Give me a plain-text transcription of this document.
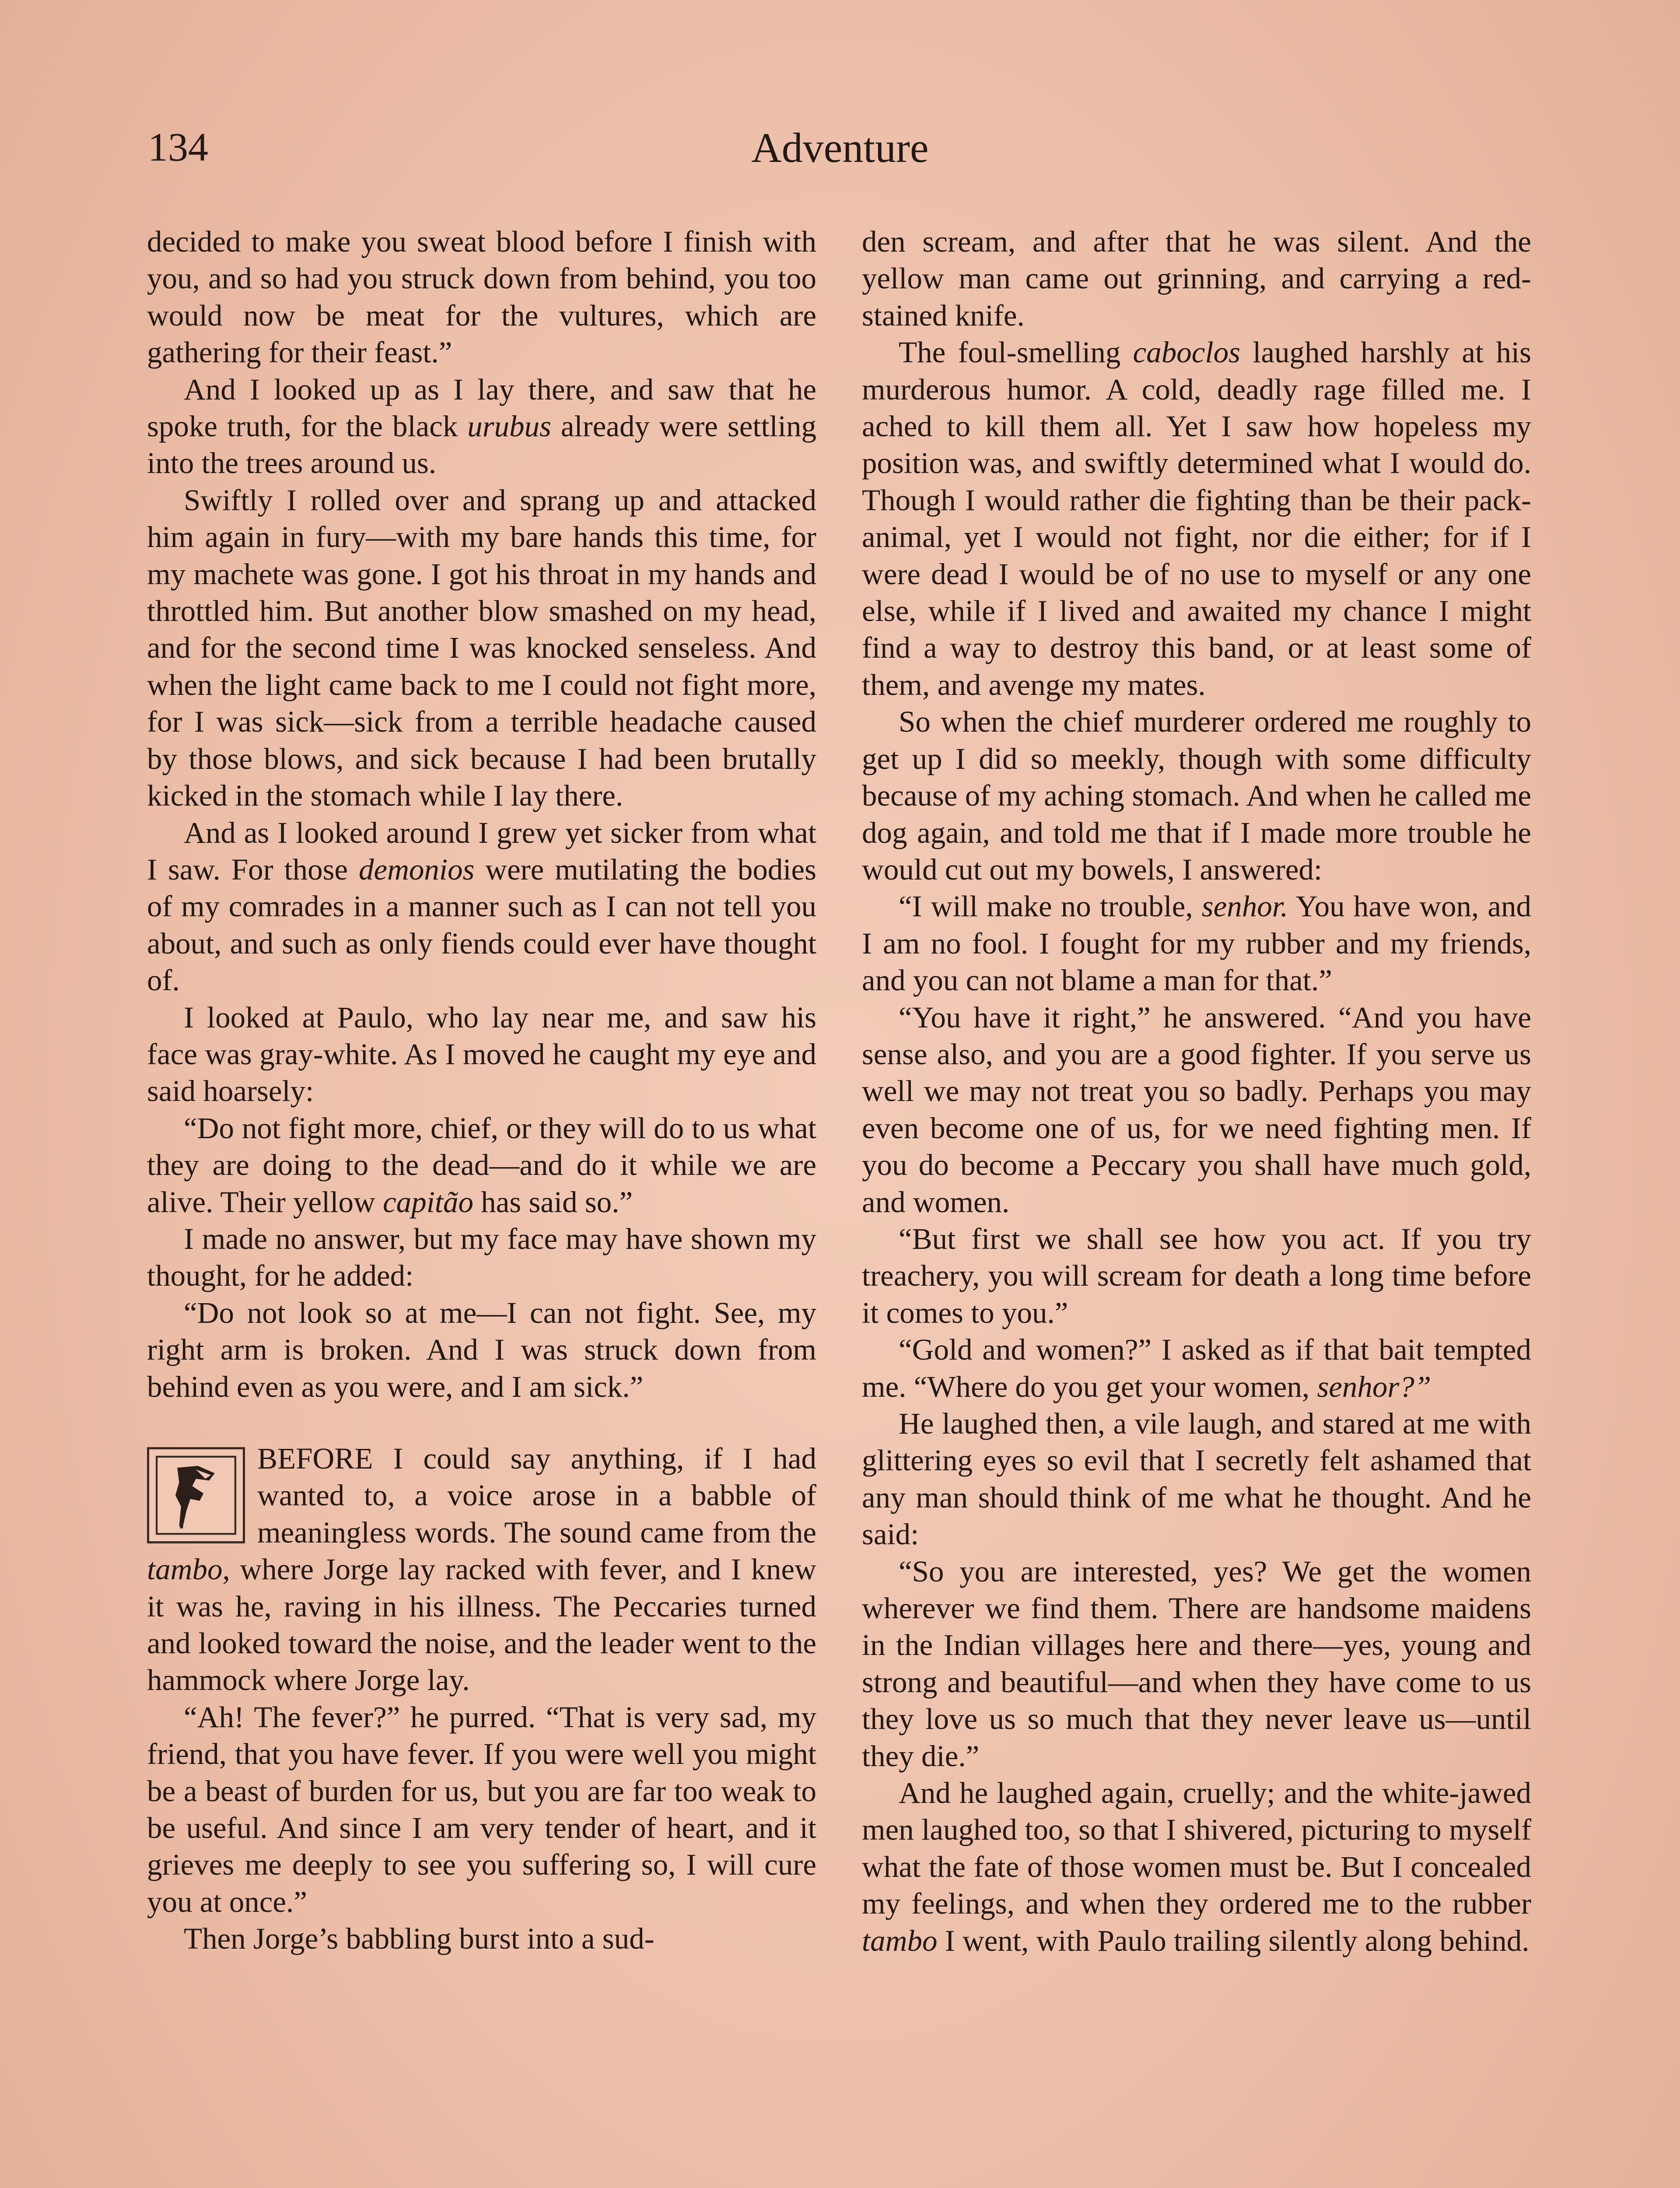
134	Adventure

decided to make you sweat blood before I finish with you, and so had you struck down from behind, you too would now be meat for the vultures, which are gathering for their feast.”

And I looked up as I lay there, and saw that he spoke truth, for the black urubus already were settling into the trees around us.

Swiftly I rolled over and sprang up and attacked him again in fury—with my bare hands this time, for my machete was gone. I got his throat in my hands and throttled him. But another blow smashed on my head, and for the second time I was knocked senseless. And when the light came back to me I could not fight more, for I was sick—sick from a terrible headache caused by those blows, and sick because I had been brutally kicked in the stomach while I lay there.

And as I looked around I grew yet sicker from what I saw. For those demonios were mutilating the bodies of my comrades in a manner such as I can not tell you about, and such as only fiends could ever have thought of.

I looked at Paulo, who lay near me, and saw his face was gray-white. As I moved he caught my eye and said hoarsely:

“Do not fight more, chief, or they will do to us what they are doing to the dead—and do it while we are alive. Their yellow capitão has said so.”

I made no answer, but my face may have shown my thought, for he added:

“Do not look so at me—I can not fight. See, my right arm is broken. And I was struck down from behind even as you were, and I am sick.”

BEFORE I could say anything, if I had wanted to, a voice arose in a babble of meaningless words. The sound came from the tambo, where Jorge lay racked with fever, and I knew it was he, raving in his illness. The Peccaries turned and looked toward the noise, and the leader went to the hammock where Jorge lay.

“Ah! The fever?” he purred. “That is very sad, my friend, that you have fever. If you were well you might be a beast of burden for us, but you are far too weak to be useful. And since I am very tender of heart, and it grieves me deeply to see you suffering so, I will cure you at once.”

Then Jorge’s babbling burst into a sud-

den scream, and after that he was silent. And the yellow man came out grinning, and carrying a red-stained knife.

The foul-smelling caboclos laughed harshly at his murderous humor. A cold, deadly rage filled me. I ached to kill them all. Yet I saw how hopeless my position was, and swiftly determined what I would do. Though I would rather die fighting than be their pack-animal, yet I would not fight, nor die either; for if I were dead I would be of no use to myself or any one else, while if I lived and awaited my chance I might find a way to destroy this band, or at least some of them, and avenge my mates.

So when the chief murderer ordered me roughly to get up I did so meekly, though with some difficulty because of my aching stomach. And when he called me dog again, and told me that if I made more trouble he would cut out my bowels, I answered:

“I will make no trouble, senhor. You have won, and I am no fool. I fought for my rubber and my friends, and you can not blame a man for that.”

“You have it right,” he answered. “And you have sense also, and you are a good fighter. If you serve us well we may not treat you so badly. Perhaps you may even become one of us, for we need fighting men. If you do become a Peccary you shall have much gold, and women.

“But first we shall see how you act. If you try treachery, you will scream for death a long time before it comes to you.”

“Gold and women?” I asked as if that bait tempted me. “Where do you get your women, senhor?”

He laughed then, a vile laugh, and stared at me with glittering eyes so evil that I secretly felt ashamed that any man should think of me what he thought. And he said:

“So you are interested, yes? We get the women wherever we find them. There are handsome maidens in the Indian villages here and there—yes, young and strong and beautiful—and when they have come to us they love us so much that they never leave us—until they die.”

And he laughed again, cruelly; and the white-jawed men laughed too, so that I shivered, picturing to myself what the fate of those women must be. But I concealed my feelings, and when they ordered me to the rubber tambo I went, with Paulo trailing silently along behind.
